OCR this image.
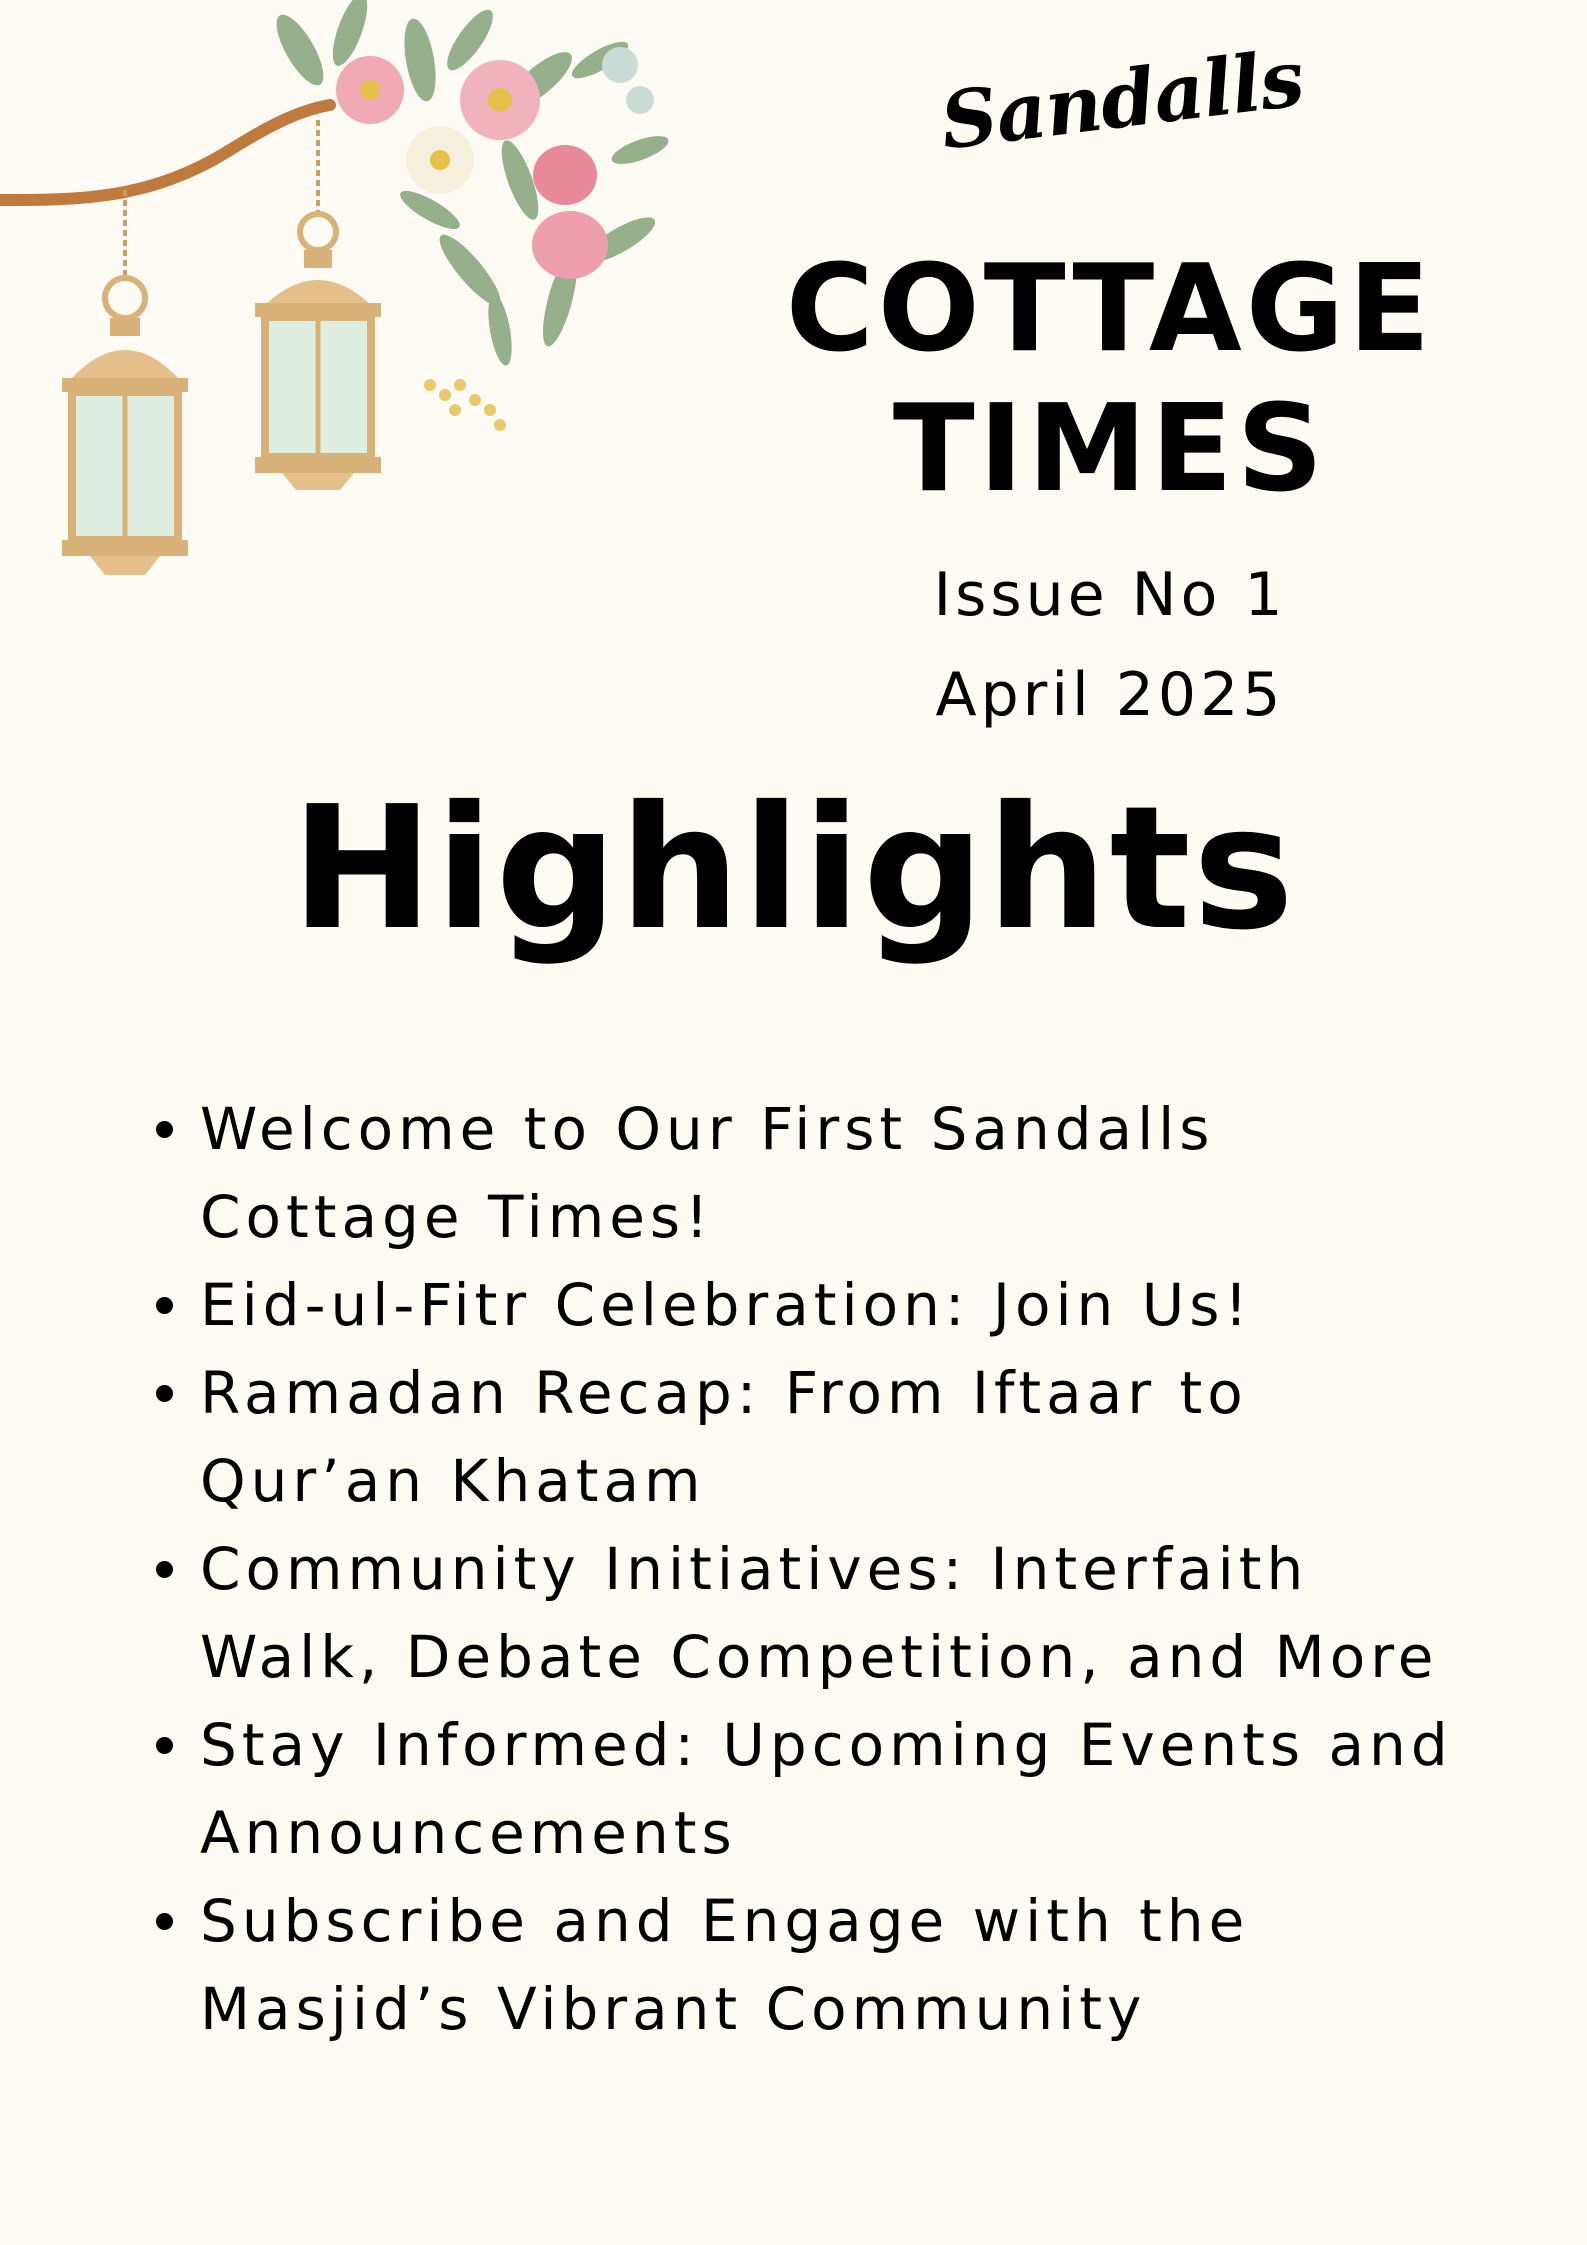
Sandalls
COTTAGE
TIMES
Issue No 1
April 2025
Highlights
Welcome to Our First Sandalls Cottage Times!
Eid-ul-Fitr Celebration: Join Us!
Ramadan Recap: From Iftaar to Qur’an Khatam
Community Initiatives: Interfaith Walk, Debate Competition, and More
Stay Informed: Upcoming Events and Announcements
Subscribe and Engage with the Masjid’s Vibrant Community
